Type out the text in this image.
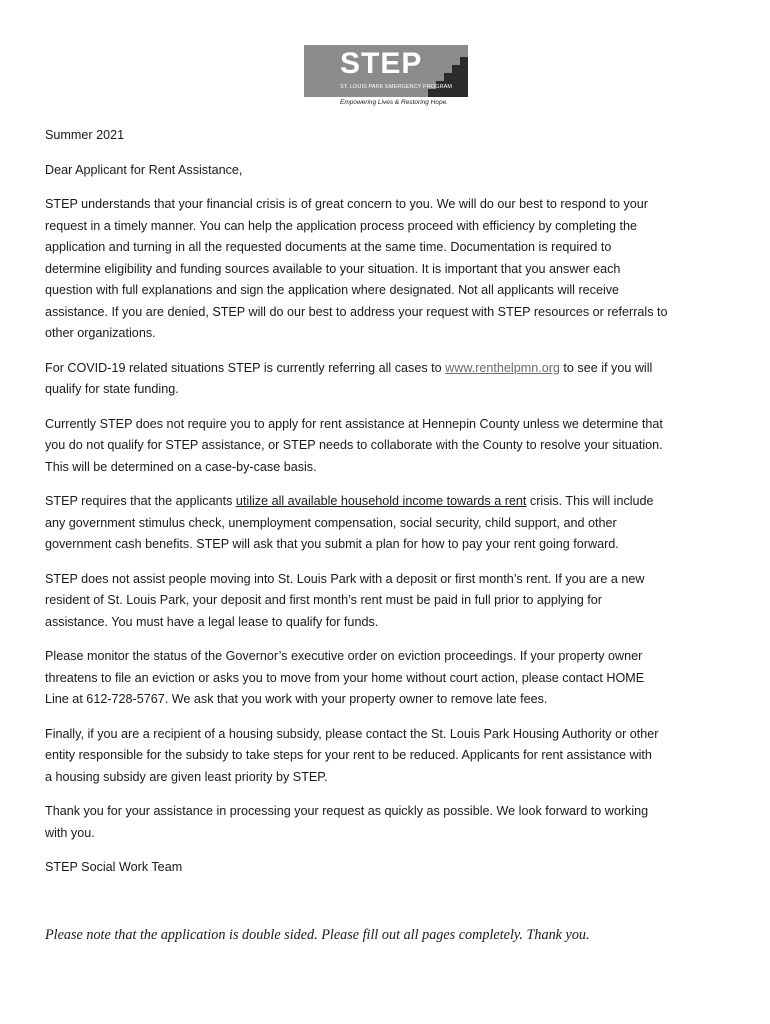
STEP
ST. LOUIS PARK EMERGENCY PROGRAM
Empowering Lives & Restoring Hope.

Summer 2021

Dear Applicant for Rent Assistance,

STEP understands that your financial crisis is of great concern to you. We will do our best to respond to your
request in a timely manner. You can help the application process proceed with efficiency by completing the
application and turning in all the requested documents at the same time. Documentation is required to
determine eligibility and funding sources available to your situation. It is important that you answer each
question with full explanations and sign the application where designated. Not all applicants will receive
assistance. If you are denied, STEP will do our best to address your request with STEP resources or referrals to
other organizations.

For COVID-19 related situations STEP is currently referring all cases to www.renthelpmn.org to see if you will
qualify for state funding.

Currently STEP does not require you to apply for rent assistance at Hennepin County unless we determine that
you do not qualify for STEP assistance, or STEP needs to collaborate with the County to resolve your situation.
This will be determined on a case-by-case basis.

STEP requires that the applicants utilize all available household income towards a rent crisis. This will include
any government stimulus check, unemployment compensation, social security, child support, and other
government cash benefits. STEP will ask that you submit a plan for how to pay your rent going forward.

STEP does not assist people moving into St. Louis Park with a deposit or first month’s rent. If you are a new
resident of St. Louis Park, your deposit and first month’s rent must be paid in full prior to applying for
assistance. You must have a legal lease to qualify for funds.

Please monitor the status of the Governor’s executive order on eviction proceedings. If your property owner
threatens to file an eviction or asks you to move from your home without court action, please contact HOME
Line at 612-728-5767. We ask that you work with your property owner to remove late fees.

Finally, if you are a recipient of a housing subsidy, please contact the St. Louis Park Housing Authority or other
entity responsible for the subsidy to take steps for your rent to be reduced. Applicants for rent assistance with
a housing subsidy are given least priority by STEP.

Thank you for your assistance in processing your request as quickly as possible. We look forward to working
with you.

STEP Social Work Team

Please note that the application is double sided. Please fill out all pages completely. Thank you.
